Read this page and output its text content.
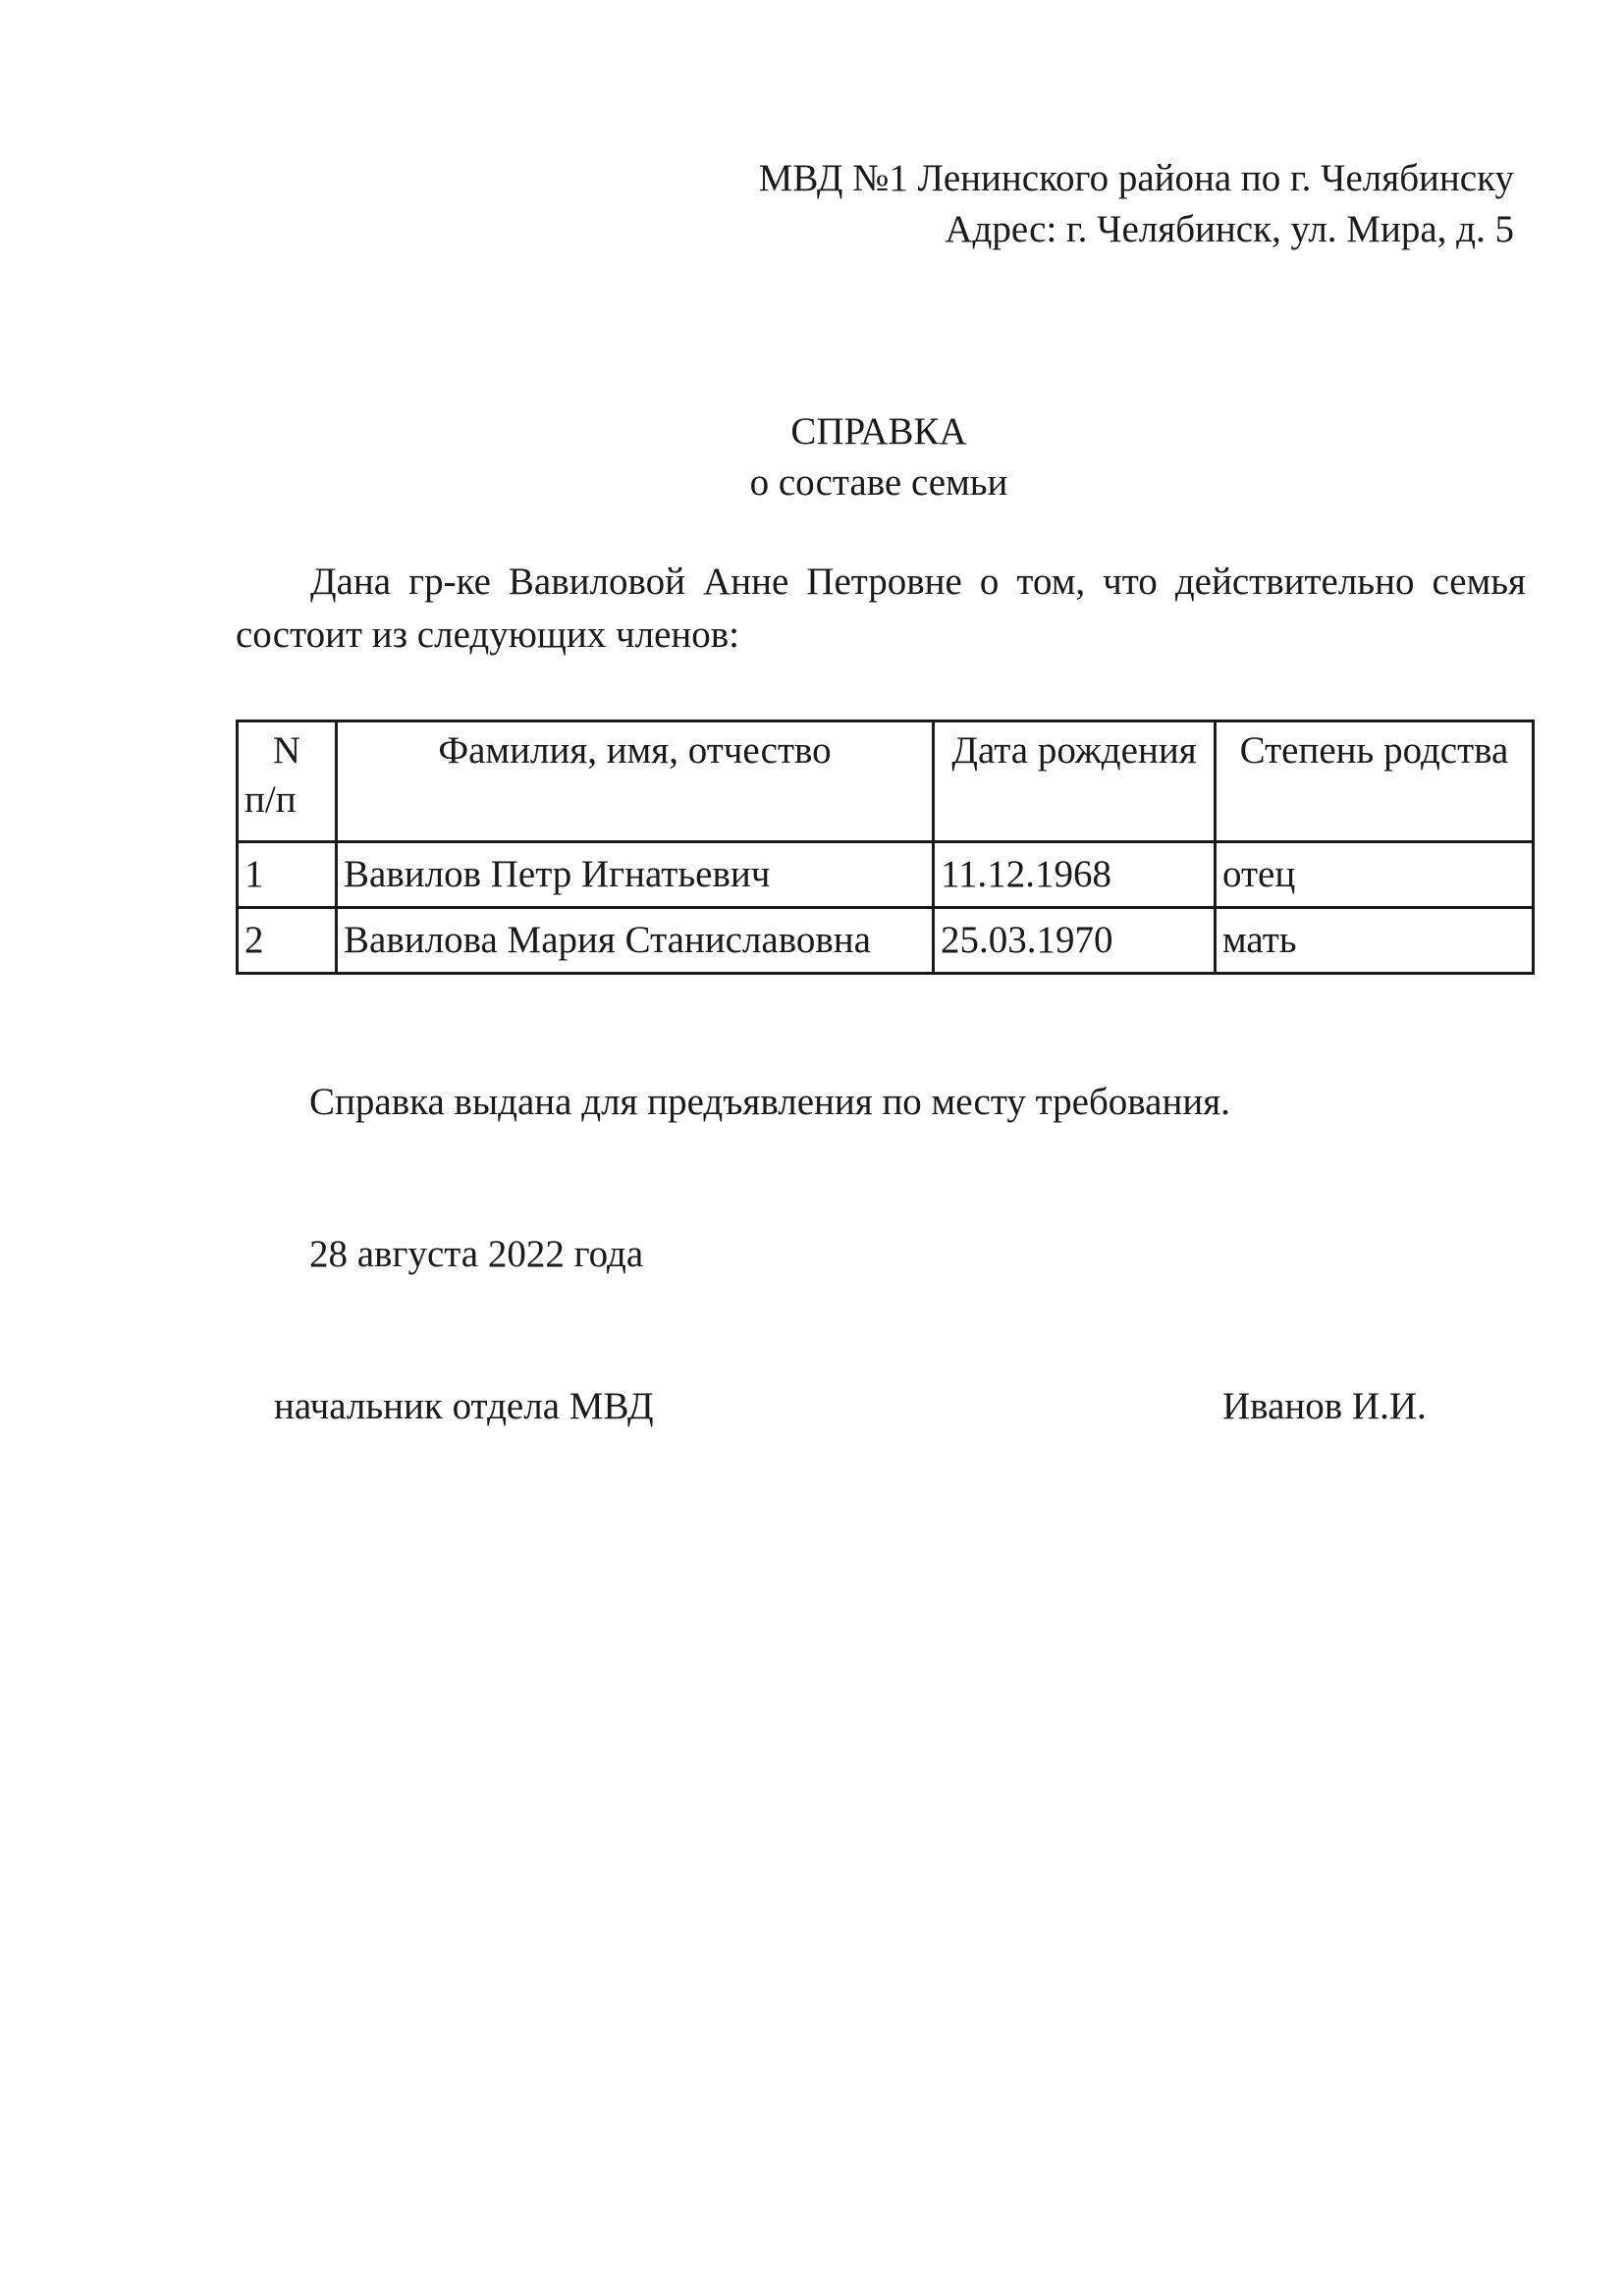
МВД №1 Ленинского района по г. Челябинску
Адрес: г. Челябинск, ул. Мира, д. 5
СПРАВКА
о составе семьи
Дана гр-ке Вавиловой Анне Петровне о том, что действительно семья состоит из следующих членов:
N
п/п	Фамилия, имя, отчество	Дата рождения	Степень родства
1	Вавилов Петр Игнатьевич	11.12.1968	отец
2	Вавилова Мария Станиславовна	25.03.1970	мать
Справка выдана для предъявления по месту требования.
28 августа 2022 года
начальник отдела МВД	Иванов И.И.
